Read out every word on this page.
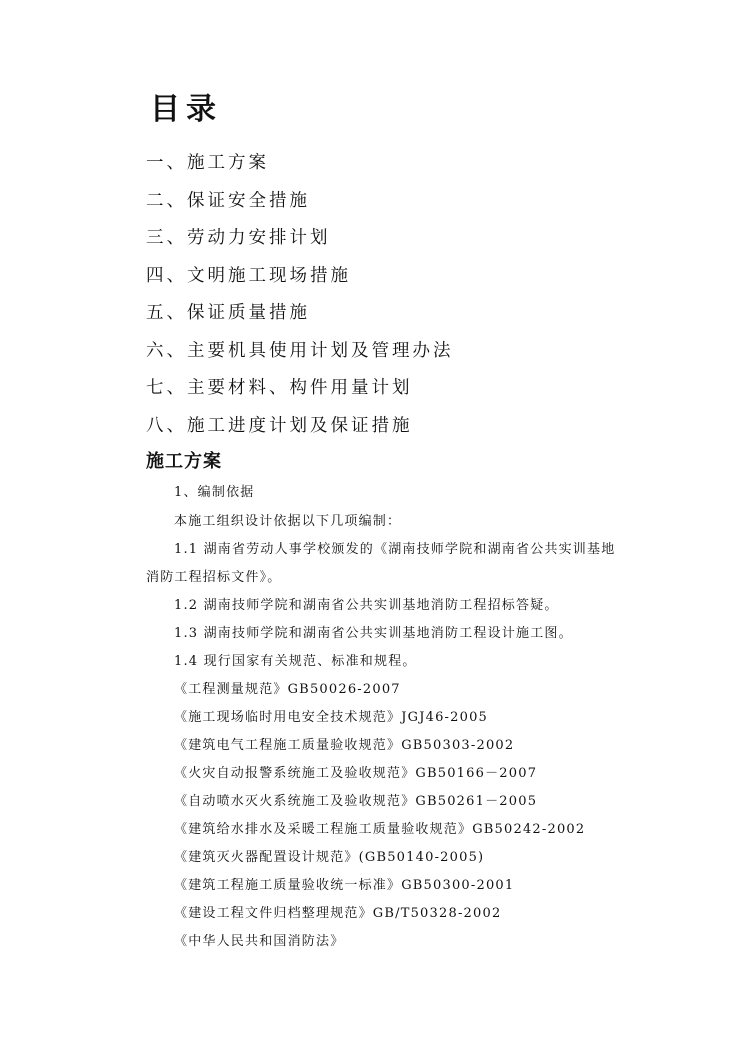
目录
一、施工方案
二、保证安全措施
三、劳动力安排计划
四、文明施工现场措施
五、保证质量措施
六、主要机具使用计划及管理办法
七、主要材料、构件用量计划
八、施工进度计划及保证措施
施工方案
1、编制依据
本施工组织设计依据以下几项编制：
1.1 湖南省劳动人事学校颁发的《湖南技师学院和湖南省公共实训基地
消防工程招标文件》。
1.2 湖南技师学院和湖南省公共实训基地消防工程招标答疑。
1.3 湖南技师学院和湖南省公共实训基地消防工程设计施工图。
1.4 现行国家有关规范、标准和规程。
《工程测量规范》GB50026-2007
《施工现场临时用电安全技术规范》JGJ46-2005
《建筑电气工程施工质量验收规范》GB50303-2002
《火灾自动报警系统施工及验收规范》GB50166－2007
《自动喷水灭火系统施工及验收规范》GB50261－2005
《建筑给水排水及采暖工程施工质量验收规范》GB50242-2002
《建筑灭火器配置设计规范》(GB50140-2005)
《建筑工程施工质量验收统一标准》GB50300-2001
《建设工程文件归档整理规范》GB/T50328-2002
《中华人民共和国消防法》
